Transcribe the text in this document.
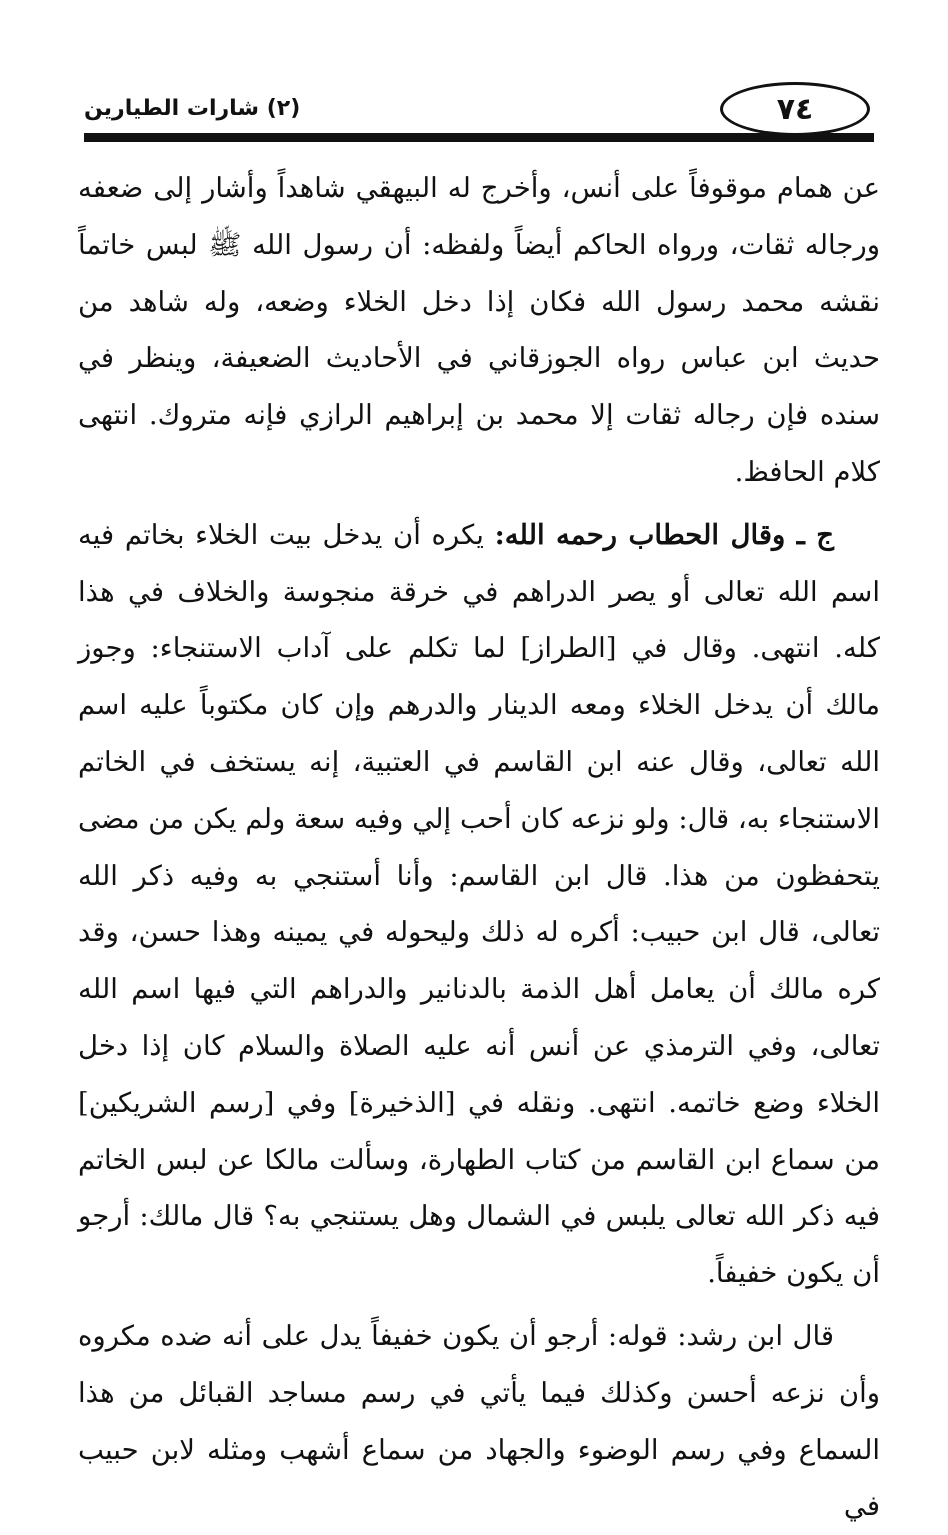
٧٤
(٢) شارات الطيارين

عن همام موقوفاً على أنس، وأخرج له البيهقي شاهداً وأشار إلى ضعفه ورجاله ثقات، ورواه الحاكم أيضاً ولفظه: أن رسول الله ﷺ لبس خاتماً نقشه محمد رسول الله فكان إذا دخل الخلاء وضعه، وله شاهد من حديث ابن عباس رواه الجوزقاني في الأحاديث الضعيفة، وينظر في سنده فإن رجاله ثقات إلا محمد بن إبراهيم الرازي فإنه متروك. انتهى كلام الحافظ.

ج ـ وقال الحطاب رحمه الله: يكره أن يدخل بيت الخلاء بخاتم فيه اسم الله تعالى أو يصر الدراهم في خرقة منجوسة والخلاف في هذا كله. انتهى. وقال في [الطراز] لما تكلم على آداب الاستنجاء: وجوز مالك أن يدخل الخلاء ومعه الدينار والدرهم وإن كان مكتوباً عليه اسم الله تعالى، وقال عنه ابن القاسم في العتبية، إنه يستخف في الخاتم الاستنجاء به، قال: ولو نزعه كان أحب إلي وفيه سعة ولم يكن من مضى يتحفظون من هذا. قال ابن القاسم: وأنا أستنجي به وفيه ذكر الله تعالى، قال ابن حبيب: أكره له ذلك وليحوله في يمينه وهذا حسن، وقد كره مالك أن يعامل أهل الذمة بالدنانير والدراهم التي فيها اسم الله تعالى، وفي الترمذي عن أنس أنه عليه الصلاة والسلام كان إذا دخل الخلاء وضع خاتمه. انتهى. ونقله في [الذخيرة] وفي [رسم الشريكين] من سماع ابن القاسم من كتاب الطهارة، وسألت مالكا عن لبس الخاتم فيه ذكر الله تعالى يلبس في الشمال وهل يستنجي به؟ قال مالك: أرجو أن يكون خفيفاً.

قال ابن رشد: قوله: أرجو أن يكون خفيفاً يدل على أنه ضده مكروه وأن نزعه أحسن وكذلك فيما يأتي في رسم مساجد القبائل من هذا السماع وفي رسم الوضوء والجهاد من سماع أشهب ومثله لابن حبيب في
